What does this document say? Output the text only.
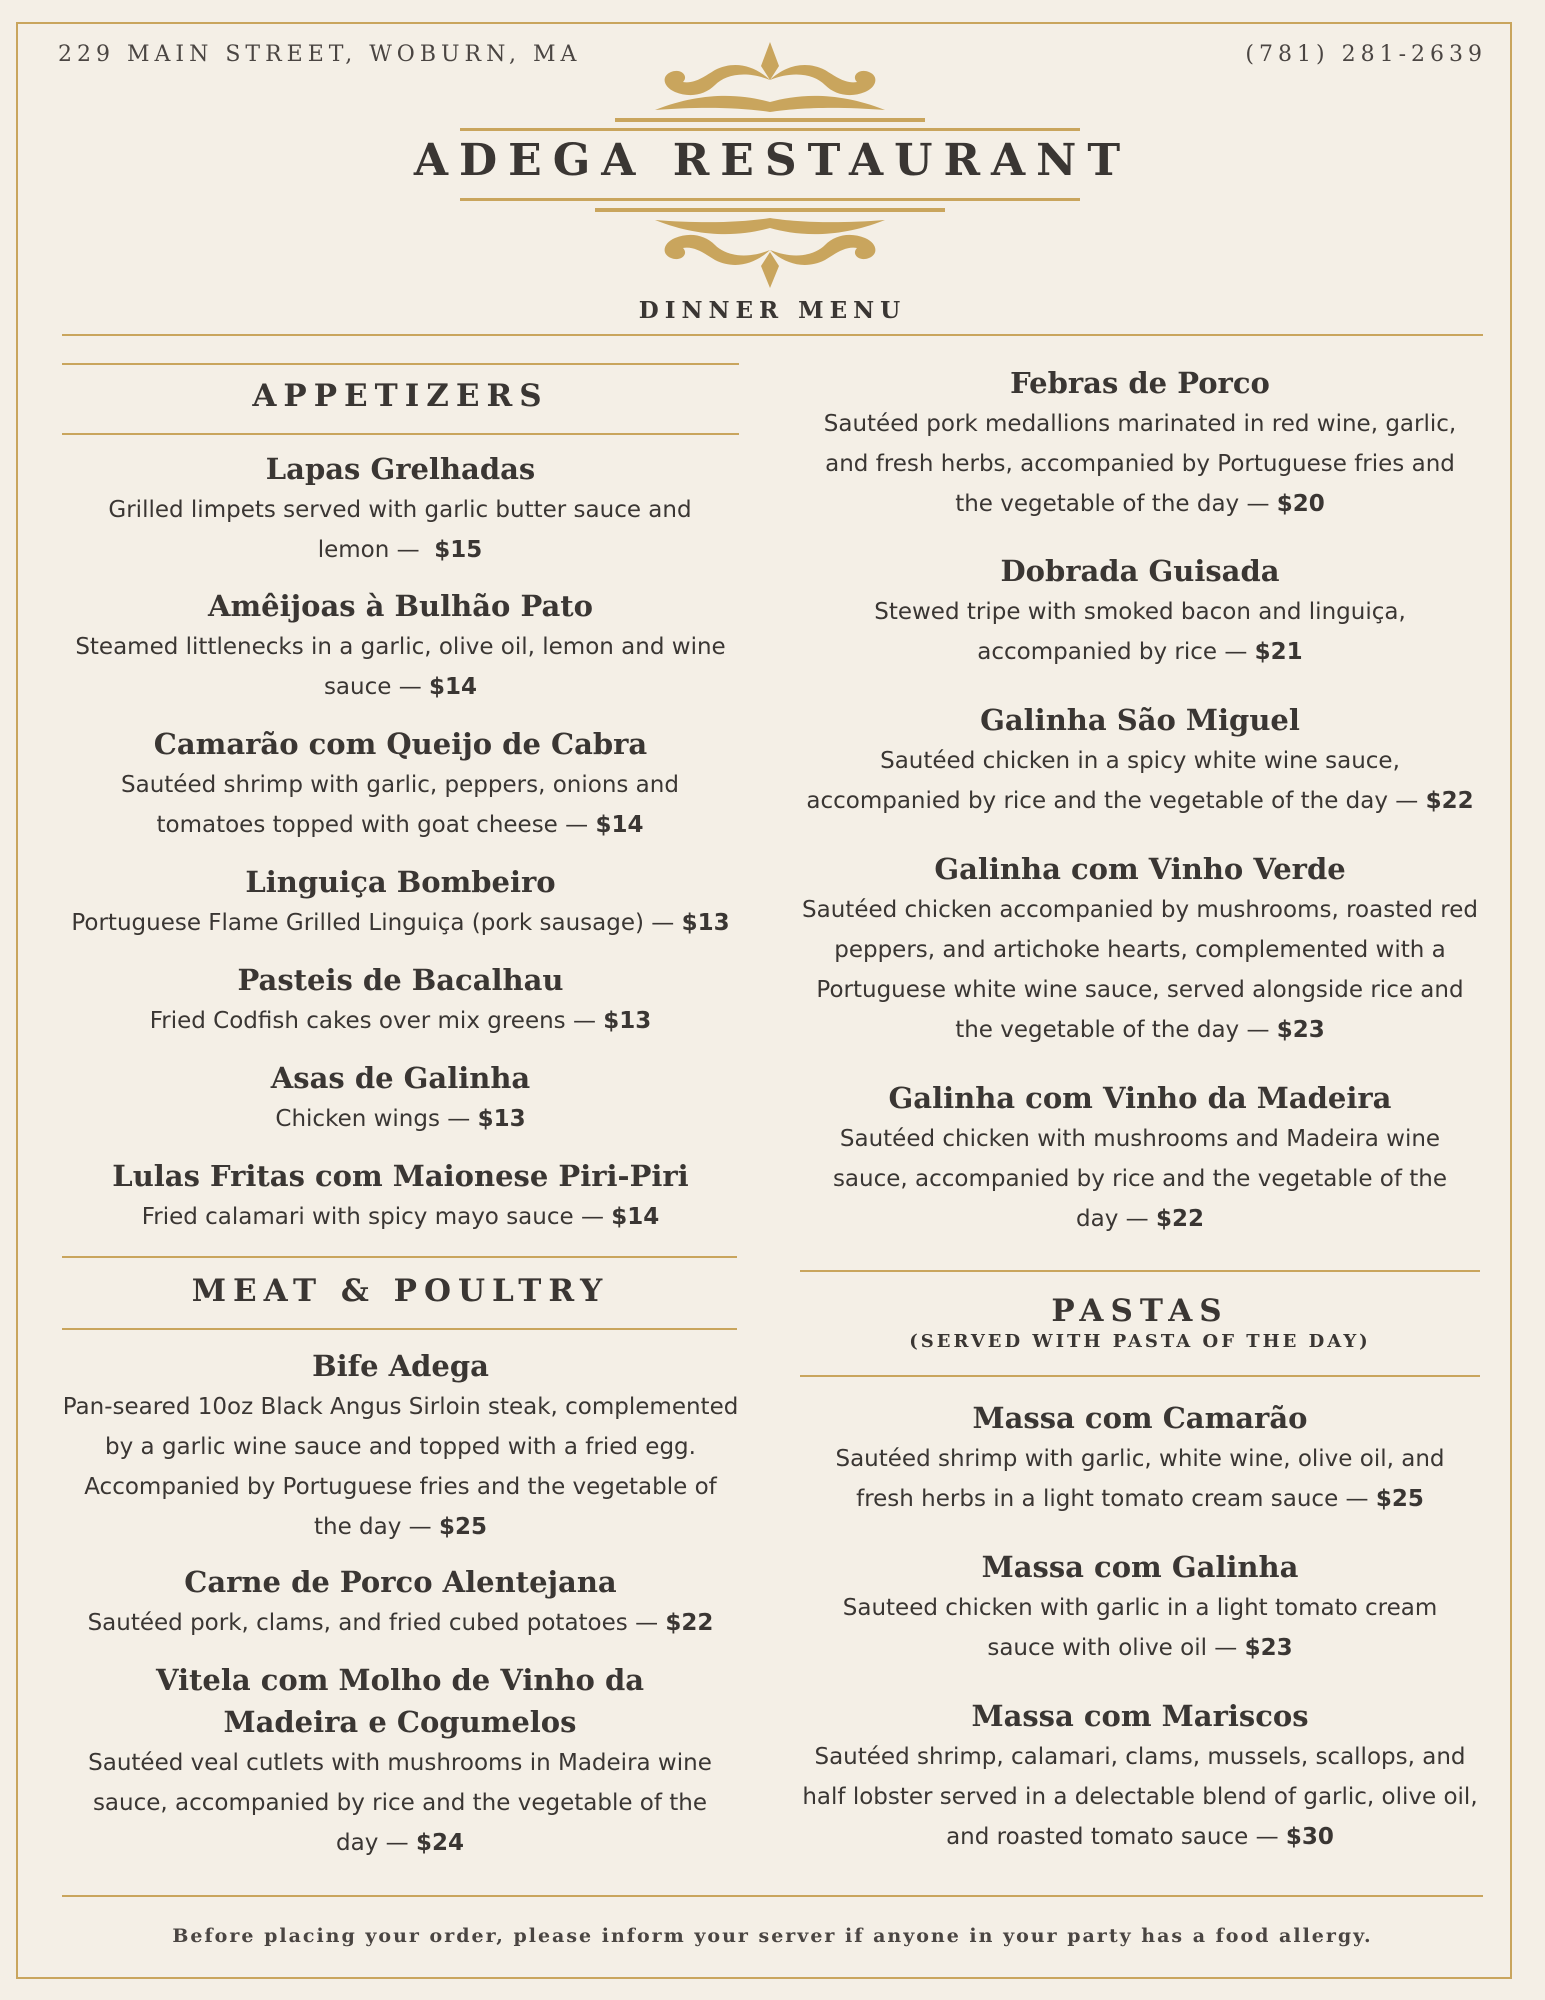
229 MAIN STREET, WOBURN, MA	(781) 281-2639
ADEGA RESTAURANT
DINNER MENU
APPETIZERS
Lapas Grelhadas
Grilled limpets served with garlic butter sauce and lemon — $15
Amêijoas à Bulhão Pato
Steamed littlenecks in a garlic, olive oil, lemon and wine sauce — $14
Camarão com Queijo de Cabra
Sautéed shrimp with garlic, peppers, onions and tomatoes topped with goat cheese — $14
Linguiça Bombeiro
Portuguese Flame Grilled Linguiça (pork sausage) — $13
Pasteis de Bacalhau
Fried Codfish cakes over mix greens — $13
Asas de Galinha
Chicken wings — $13
Lulas Fritas com Maionese Piri-Piri
Fried calamari with spicy mayo sauce — $14
MEAT & POULTRY
Bife Adega
Pan-seared 10oz Black Angus Sirloin steak, complemented by a garlic wine sauce and topped with a fried egg. Accompanied by Portuguese fries and the vegetable of the day — $25
Carne de Porco Alentejana
Sautéed pork, clams, and fried cubed potatoes — $22
Vitela com Molho de Vinho da Madeira e Cogumelos
Sautéed veal cutlets with mushrooms in Madeira wine sauce, accompanied by rice and the vegetable of the day — $24
Febras de Porco
Sautéed pork medallions marinated in red wine, garlic, and fresh herbs, accompanied by Portuguese fries and the vegetable of the day — $20
Dobrada Guisada
Stewed tripe with smoked bacon and linguiça, accompanied by rice — $21
Galinha São Miguel
Sautéed chicken in a spicy white wine sauce, accompanied by rice and the vegetable of the day — $22
Galinha com Vinho Verde
Sautéed chicken accompanied by mushrooms, roasted red peppers, and artichoke hearts, complemented with a Portuguese white wine sauce, served alongside rice and the vegetable of the day — $23
Galinha com Vinho da Madeira
Sautéed chicken with mushrooms and Madeira wine sauce, accompanied by rice and the vegetable of the day — $22
PASTAS
(SERVED WITH PASTA OF THE DAY)
Massa com Camarão
Sautéed shrimp with garlic, white wine, olive oil, and fresh herbs in a light tomato cream sauce — $25
Massa com Galinha
Sauteed chicken with garlic in a light tomato cream sauce with olive oil — $23
Massa com Mariscos
Sautéed shrimp, calamari, clams, mussels, scallops, and half lobster served in a delectable blend of garlic, olive oil, and roasted tomato sauce — $30
Before placing your order, please inform your server if anyone in your party has a food allergy.
